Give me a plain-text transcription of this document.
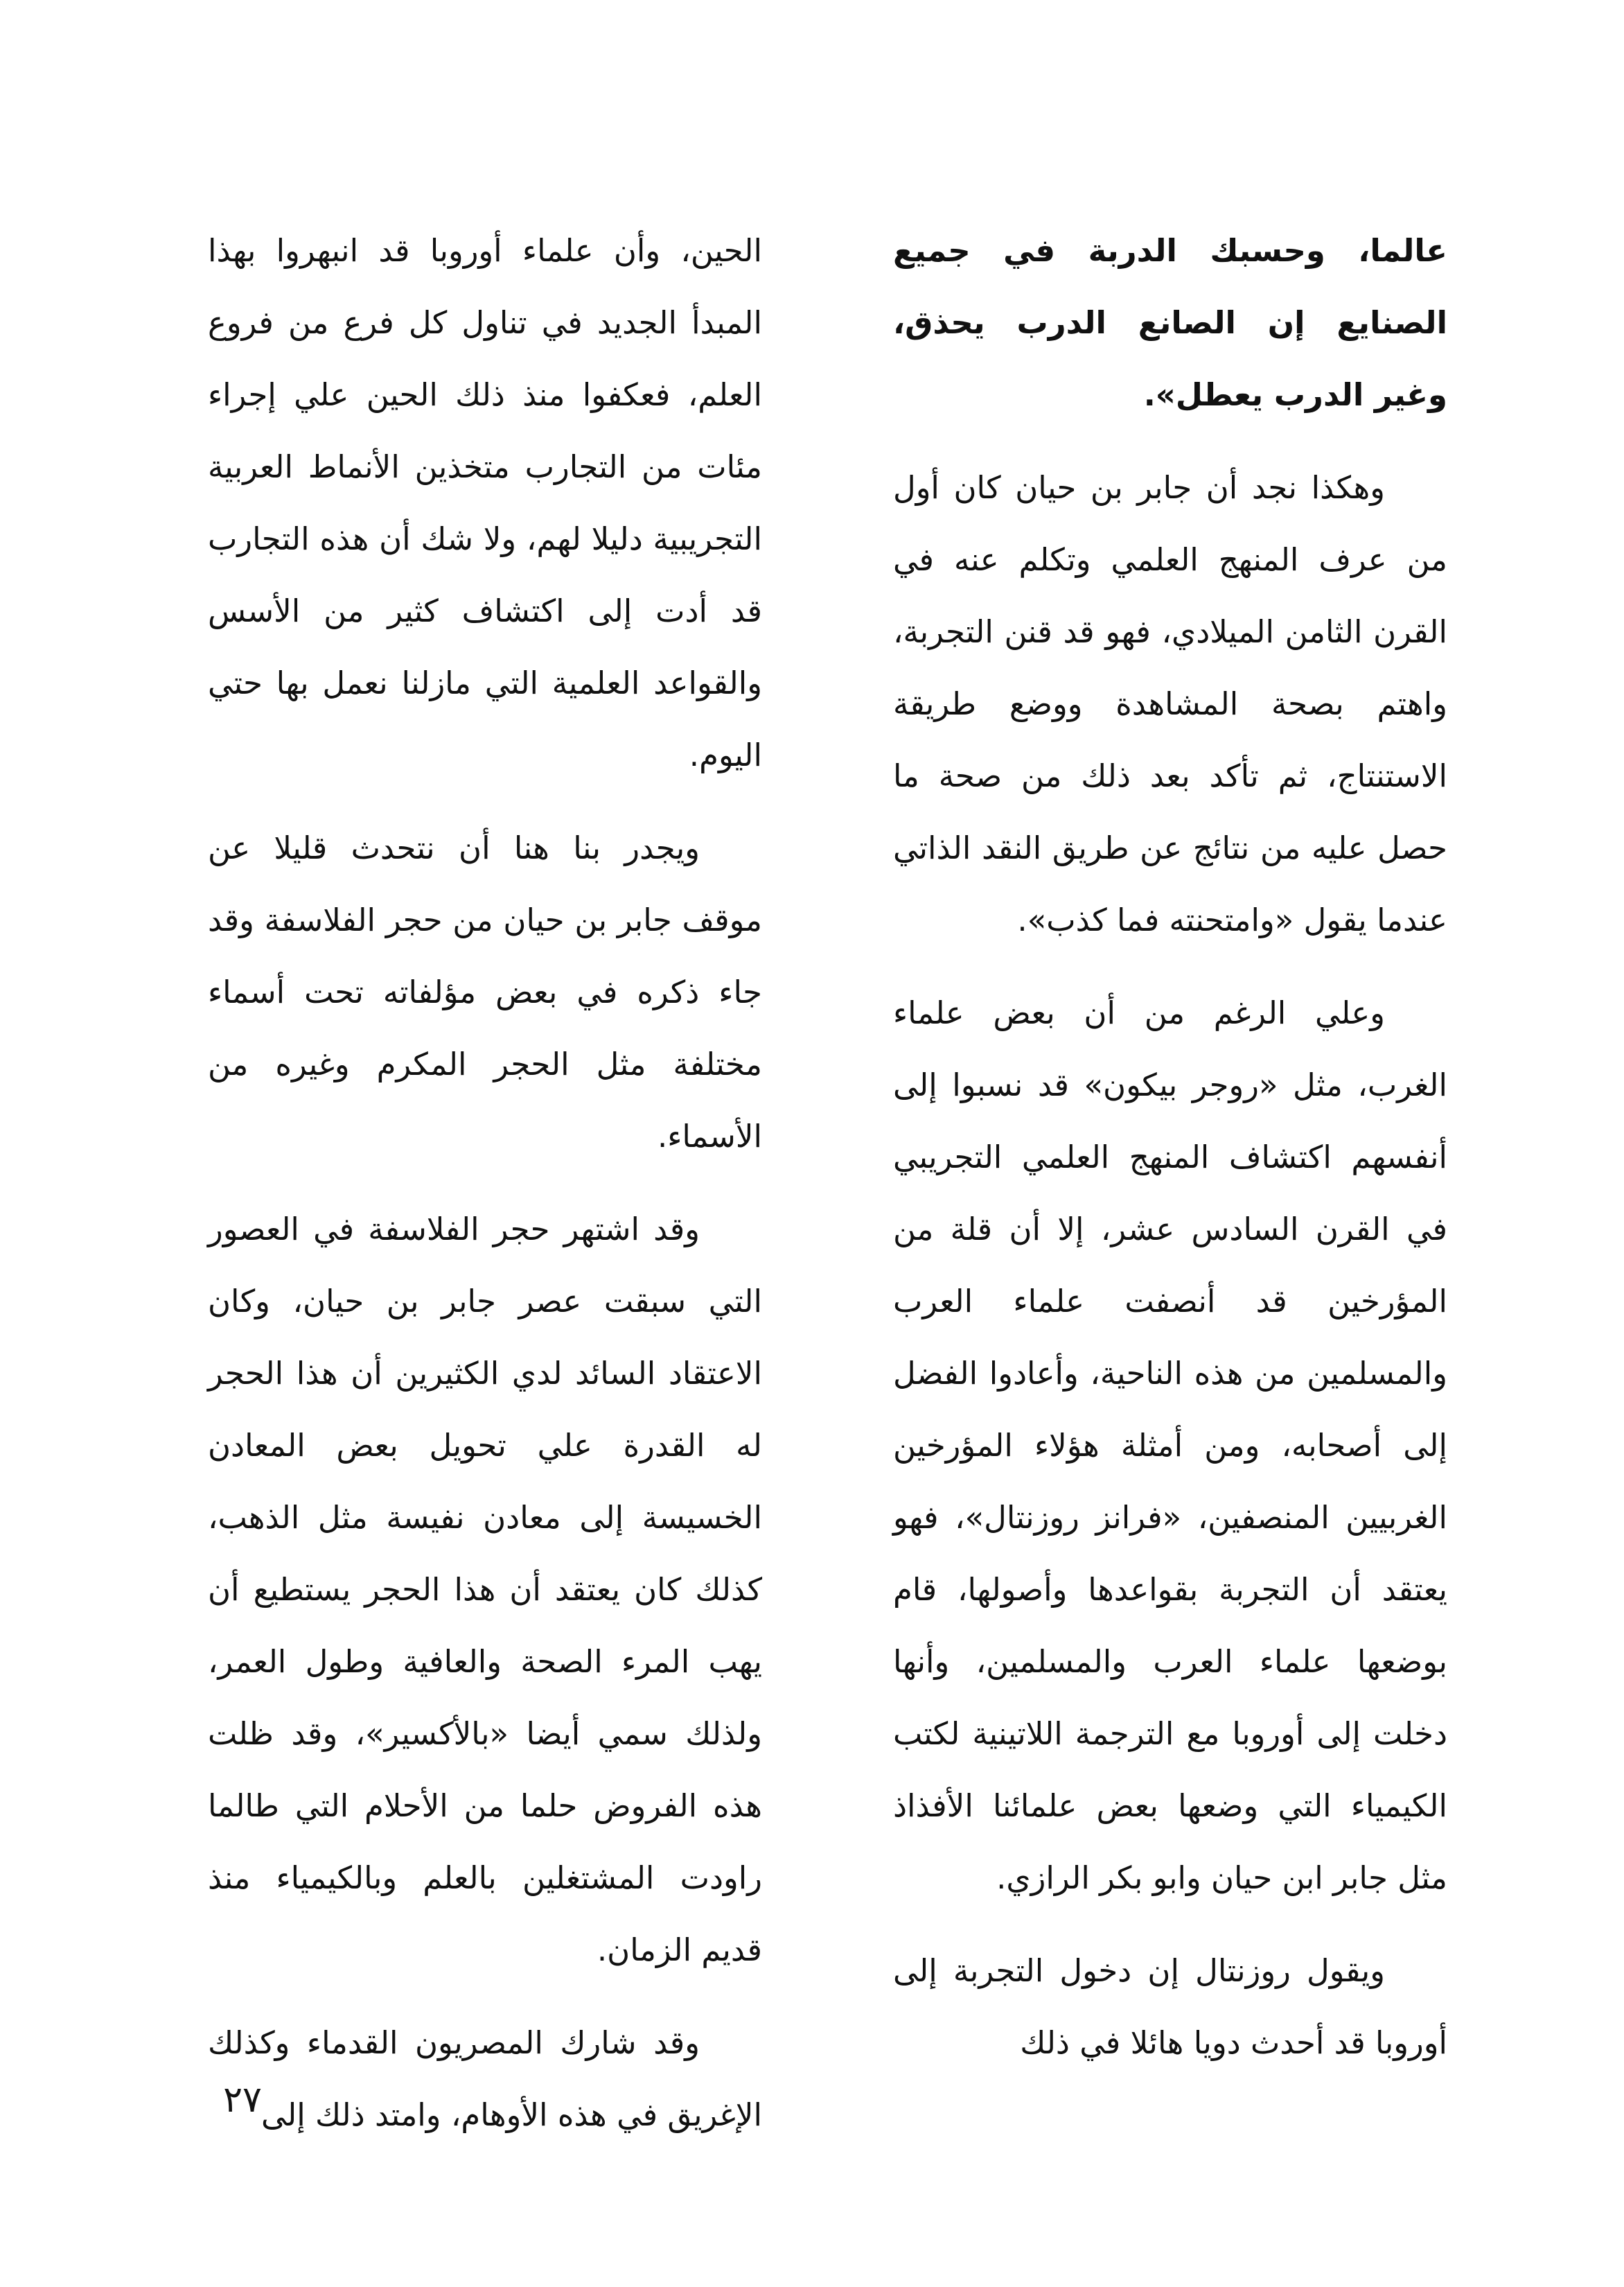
عالما، وحسبك الدربة في جميع الصنايع إن الصانع الدرب يحذق، وغير الدرب يعطل».

وهكذا نجد أن جابر بن حيان كان أول من عرف المنهج العلمي وتكلم عنه في القرن الثامن الميلادي، فهو قد قنن التجربة، واهتم بصحة المشاهدة ووضع طريقة الاستنتاج، ثم تأكد بعد ذلك من صحة ما حصل عليه من نتائج عن طريق النقد الذاتي عندما يقول «وامتحنته فما كذب».

وعلي الرغم من أن بعض علماء الغرب، مثل «روجر بيكون» قد نسبوا إلى أنفسهم اكتشاف المنهج العلمي التجريبي في القرن السادس عشر، إلا أن قلة من المؤرخين قد أنصفت علماء العرب والمسلمين من هذه الناحية، وأعادوا الفضل إلى أصحابه، ومن أمثلة هؤلاء المؤرخين الغربيين المنصفين، «فرانز روزنتال»، فهو يعتقد أن التجربة بقواعدها وأصولها، قام بوضعها علماء العرب والمسلمين، وأنها دخلت إلى أوروبا مع الترجمة اللاتينية لكتب الكيمياء التي وضعها بعض علمائنا الأفذاذ مثل جابر ابن حيان وابو بكر الرازي.

ويقول روزنتال إن دخول التجربة إلى أوروبا قد أحدث دويا هائلا في ذلك

الحين، وأن علماء أوروبا قد انبهروا بهذا المبدأ الجديد في تناول كل فرع من فروع العلم، فعكفوا منذ ذلك الحين علي إجراء مئات من التجارب متخذين الأنماط العربية التجريبية دليلا لهم، ولا شك أن هذه التجارب قد أدت إلى اكتشاف كثير من الأسس والقواعد العلمية التي مازلنا نعمل بها حتي اليوم.

ويجدر بنا هنا أن نتحدث قليلا عن موقف جابر بن حيان من حجر الفلاسفة وقد جاء ذكره في بعض مؤلفاته تحت أسماء مختلفة مثل الحجر المكرم وغيره من الأسماء.

وقد اشتهر حجر الفلاسفة في العصور التي سبقت عصر جابر بن حيان، وكان الاعتقاد السائد لدي الكثيرين أن هذا الحجر له القدرة علي تحويل بعض المعادن الخسيسة إلى معادن نفيسة مثل الذهب، كذلك كان يعتقد أن هذا الحجر يستطيع أن يهب المرء الصحة والعافية وطول العمر، ولذلك سمي أيضا «بالأكسير»، وقد ظلت هذه الفروض حلما من الأحلام التي طالما راودت المشتغلين بالعلم وبالكيمياء منذ قديم الزمان.

وقد شارك المصريون القدماء وكذلك الإغريق في هذه الأوهام، وامتد ذلك إلى

٢٧
